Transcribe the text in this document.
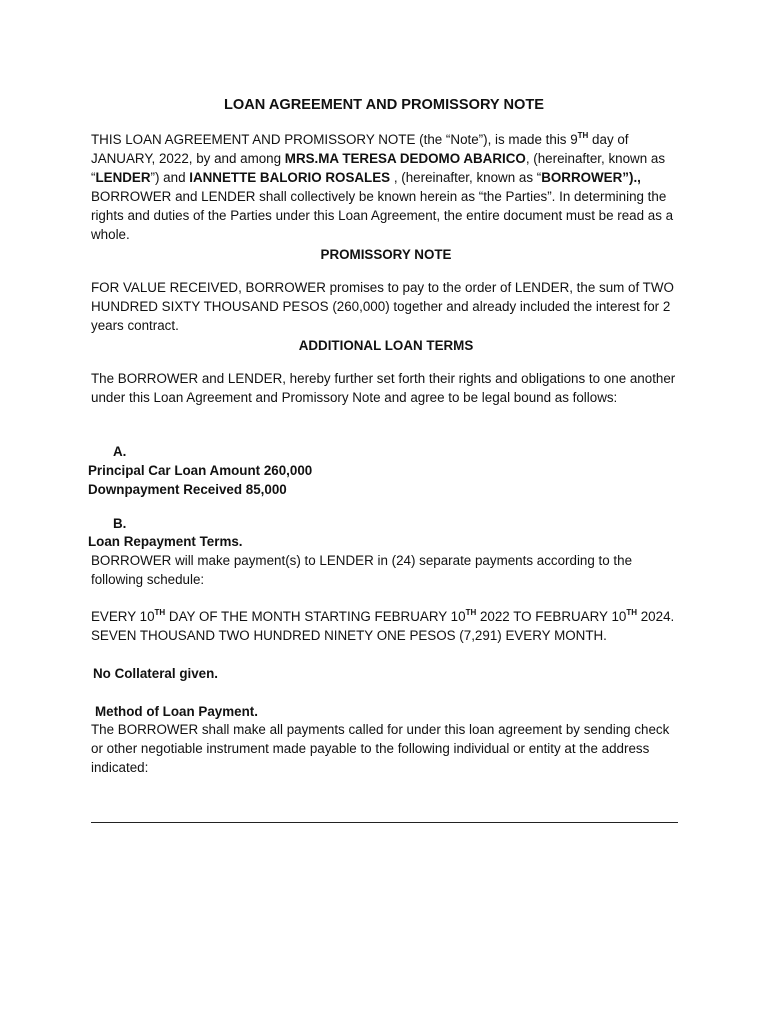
LOAN AGREEMENT AND PROMISSORY NOTE

THIS LOAN AGREEMENT AND PROMISSORY NOTE (the “Note”), is made this 9TH day of JANUARY, 2022, by and among MRS.MA TERESA DEDOMO ABARICO, (hereinafter, known as “LENDER”) and IANNETTE BALORIO ROSALES , (hereinafter, known as “BORROWER”)., BORROWER and LENDER shall collectively be known herein as “the Parties”. In determining the rights and duties of the Parties under this Loan Agreement, the entire document must be read as a whole.

PROMISSORY NOTE

FOR VALUE RECEIVED, BORROWER promises to pay to the order of LENDER, the sum of TWO HUNDRED SIXTY THOUSAND PESOS (260,000) together and already included the interest for 2 years contract.

ADDITIONAL LOAN TERMS

The BORROWER and LENDER, hereby further set forth their rights and obligations to one another under this Loan Agreement and Promissory Note and agree to be legal bound as follows:

A.

Principal Car Loan Amount 260,000

Downpayment Received 85,000

B.

Loan Repayment Terms.

BORROWER will make payment(s) to LENDER in (24) separate payments according to the following schedule:

EVERY 10TH DAY OF THE MONTH STARTING FEBRUARY 10TH 2022 TO FEBRUARY 10TH 2024.

SEVEN THOUSAND TWO HUNDRED NINETY ONE PESOS (7,291) EVERY MONTH.

No Collateral given.

Method of Loan Payment.

The BORROWER shall make all payments called for under this loan agreement by sending check or other negotiable instrument made payable to the following individual or entity at the address indicated:
